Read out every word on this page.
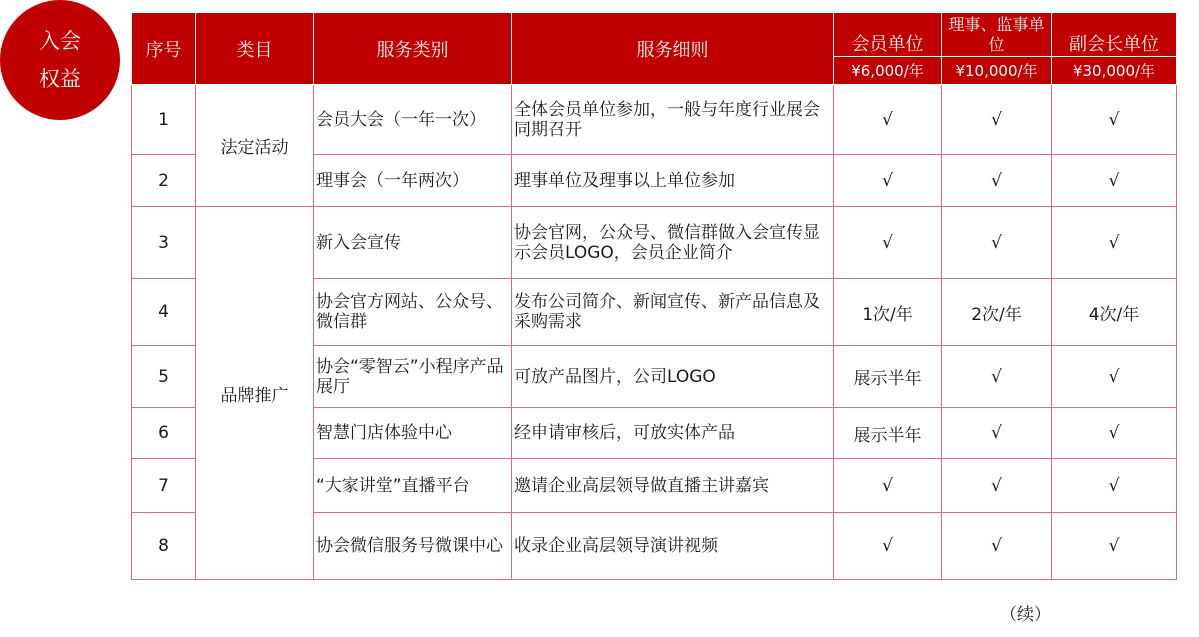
入会
权益
序号	类目	服务类别	服务细则	会员单位	理事、监事单位	副会长单位
				¥6,000/年	¥10,000/年	¥30,000/年
1	法定活动	会员大会（一年一次）	全体会员单位参加，一般与年度行业展会同期召开	√	√	√
2		理事会（一年两次）	理事单位及理事以上单位参加	√	√	√
3	品牌推广	新入会宣传	协会官网，公众号、微信群做入会宣传显示会员LOGO，会员企业简介	√	√	√
4		协会官方网站、公众号、微信群	发布公司简介、新闻宣传、新产品信息及采购需求	1次/年	2次/年	4次/年
5		协会“零智云”小程序产品展厅	可放产品图片，公司LOGO	展示半年	√	√
6		智慧门店体验中心	经申请审核后，可放实体产品	展示半年	√	√
7		“大家讲堂”直播平台	邀请企业高层领导做直播主讲嘉宾	√	√	√
8		协会微信服务号微课中心	收录企业高层领导演讲视频	√	√	√
（续）
